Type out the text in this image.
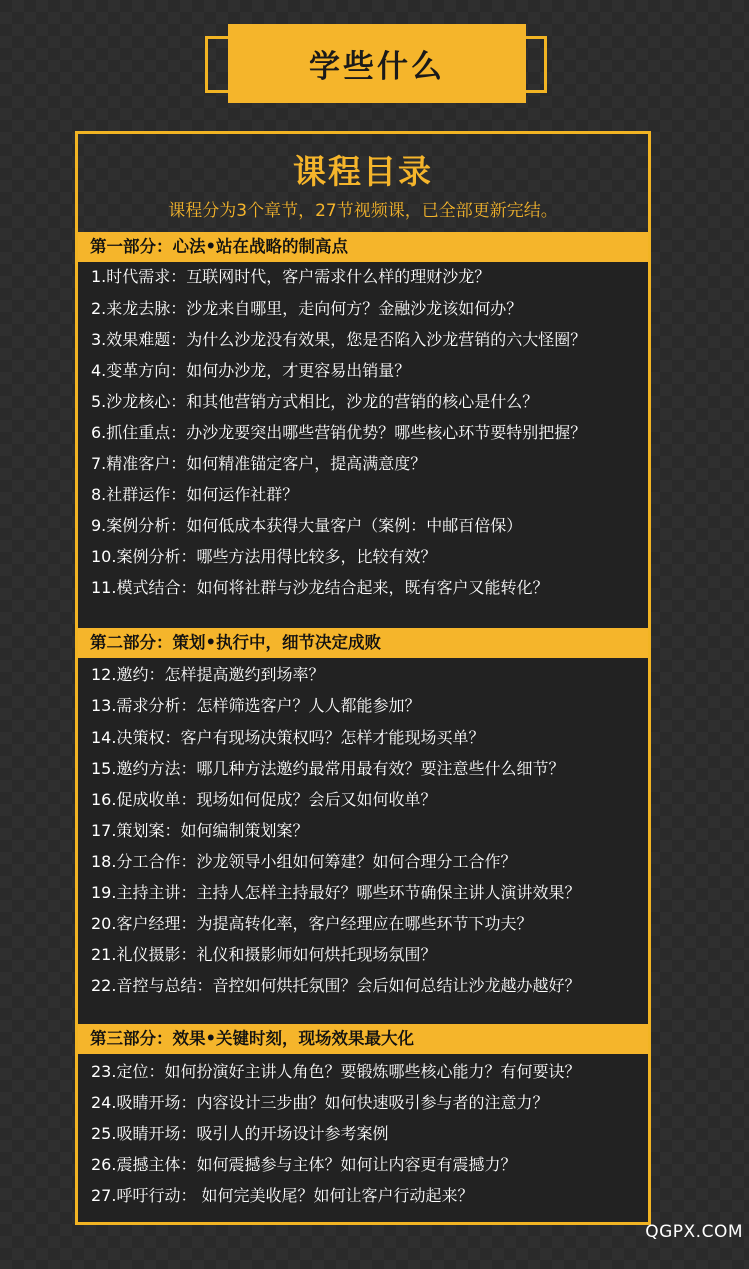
学些什么
课程目录
课程分为3个章节，27节视频课，已全部更新完结。
第一部分：心法•站在战略的制高点
1.时代需求：互联网时代，客户需求什么样的理财沙龙？
2.来龙去脉：沙龙来自哪里，走向何方？金融沙龙该如何办？
3.效果难题：为什么沙龙没有效果，您是否陷入沙龙营销的六大怪圈？
4.变革方向：如何办沙龙，才更容易出销量？
5.沙龙核心：和其他营销方式相比，沙龙的营销的核心是什么？
6.抓住重点：办沙龙要突出哪些营销优势？哪些核心环节要特别把握？
7.精准客户：如何精准锚定客户，提高满意度？
8.社群运作：如何运作社群？
9.案例分析：如何低成本获得大量客户（案例：中邮百倍保）
10.案例分析：哪些方法用得比较多，比较有效？
11.模式结合：如何将社群与沙龙结合起来，既有客户又能转化？
第二部分：策划•执行中，细节决定成败
12.邀约：怎样提高邀约到场率？
13.需求分析：怎样筛选客户？人人都能参加？
14.决策权：客户有现场决策权吗？怎样才能现场买单？
15.邀约方法：哪几种方法邀约最常用最有效？要注意些什么细节？
16.促成收单：现场如何促成？会后又如何收单？
17.策划案：如何编制策划案？
18.分工合作：沙龙领导小组如何筹建？如何合理分工合作？
19.主持主讲：主持人怎样主持最好？哪些环节确保主讲人演讲效果？
20.客户经理：为提高转化率，客户经理应在哪些环节下功夫？
21.礼仪摄影：礼仪和摄影师如何烘托现场氛围？
22.音控与总结：音控如何烘托氛围？会后如何总结让沙龙越办越好？
第三部分：效果•关键时刻，现场效果最大化
23.定位：如何扮演好主讲人角色？要锻炼哪些核心能力？有何要诀？
24.吸睛开场：内容设计三步曲？如何快速吸引参与者的注意力？
25.吸睛开场：吸引人的开场设计参考案例
26.震撼主体：如何震撼参与主体？如何让内容更有震撼力？
27.呼吁行动： 如何完美收尾？如何让客户行动起来？
QGPX.COM
